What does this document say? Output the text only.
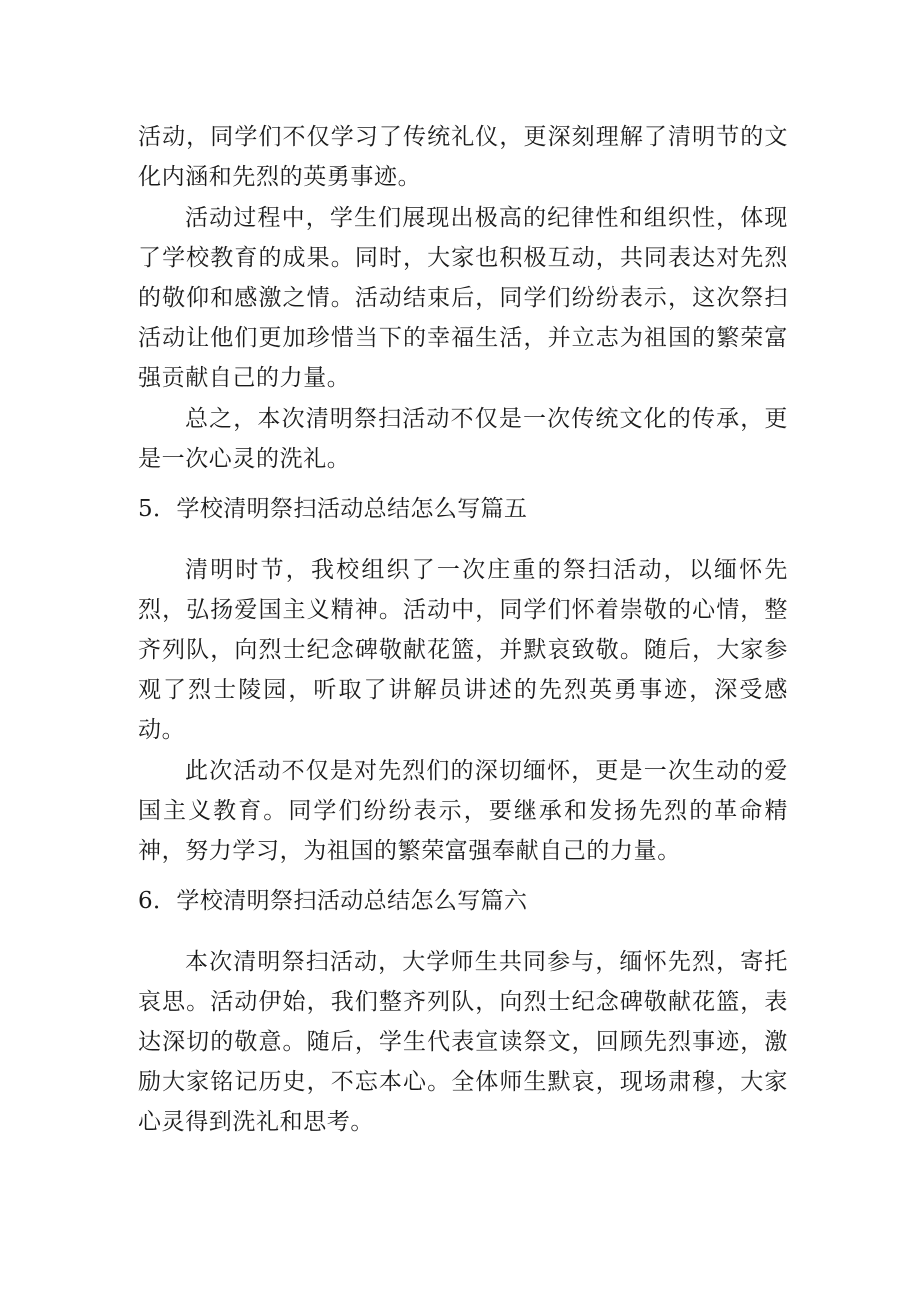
活动，同学们不仅学习了传统礼仪，更深刻理解了清明节的文化内涵和先烈的英勇事迹。

活动过程中，学生们展现出极高的纪律性和组织性，体现了学校教育的成果。同时，大家也积极互动，共同表达对先烈的敬仰和感激之情。活动结束后，同学们纷纷表示，这次祭扫活动让他们更加珍惜当下的幸福生活，并立志为祖国的繁荣富强贡献自己的力量。

总之，本次清明祭扫活动不仅是一次传统文化的传承，更是一次心灵的洗礼。

5．学校清明祭扫活动总结怎么写篇五

清明时节，我校组织了一次庄重的祭扫活动，以缅怀先烈，弘扬爱国主义精神。活动中，同学们怀着崇敬的心情，整齐列队，向烈士纪念碑敬献花篮，并默哀致敬。随后，大家参观了烈士陵园，听取了讲解员讲述的先烈英勇事迹，深受感动。

此次活动不仅是对先烈们的深切缅怀，更是一次生动的爱国主义教育。同学们纷纷表示，要继承和发扬先烈的革命精神，努力学习，为祖国的繁荣富强奉献自己的力量。

6．学校清明祭扫活动总结怎么写篇六

本次清明祭扫活动，大学师生共同参与，缅怀先烈，寄托哀思。活动伊始，我们整齐列队，向烈士纪念碑敬献花篮，表达深切的敬意。随后，学生代表宣读祭文，回顾先烈事迹，激励大家铭记历史，不忘本心。全体师生默哀，现场肃穆，大家心灵得到洗礼和思考。
